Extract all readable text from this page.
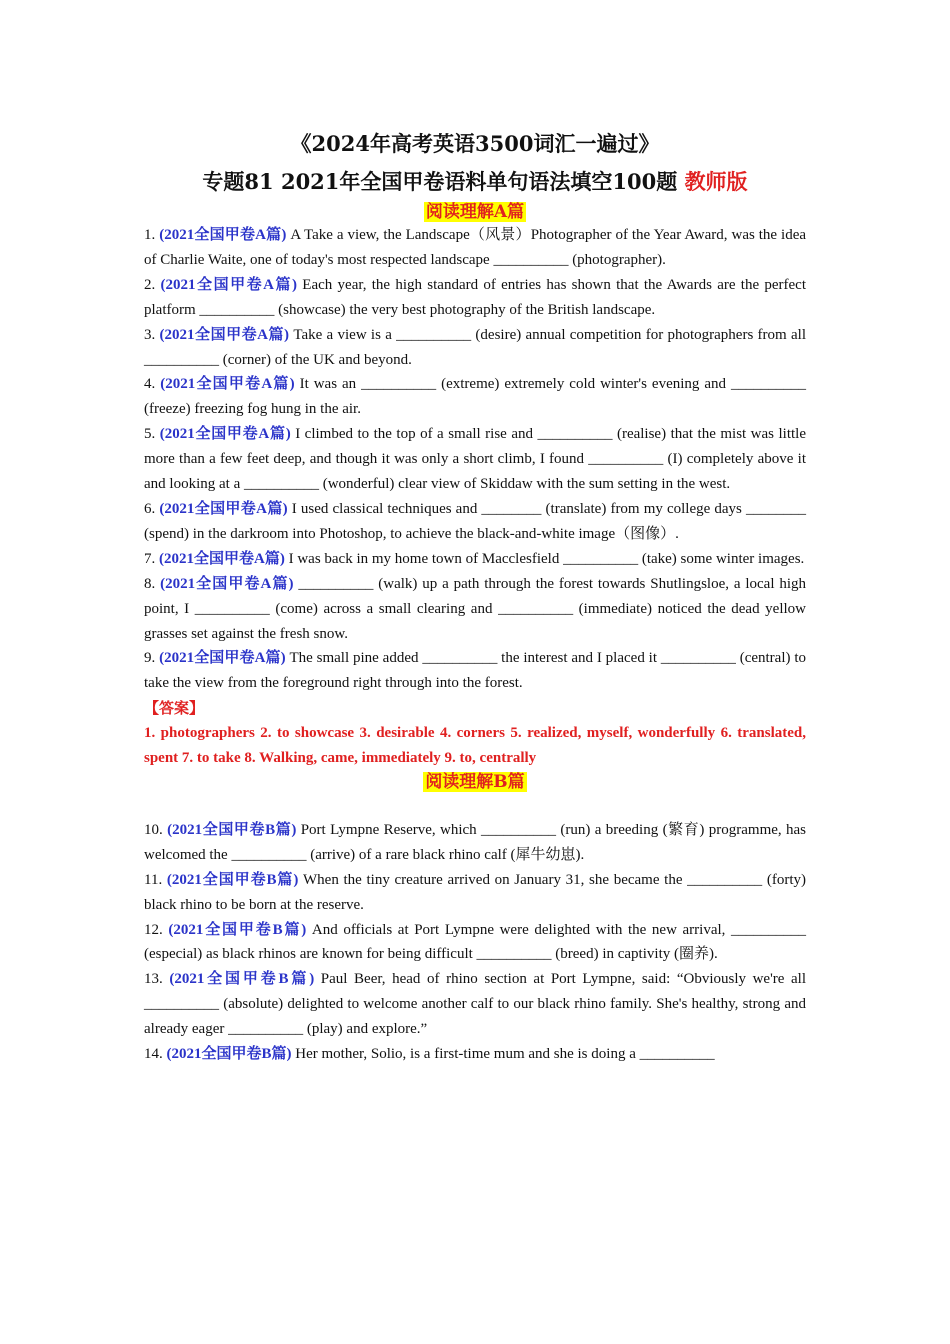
《2024年高考英语3500词汇一遍过》

专题81 2021年全国甲卷语料单句语法填空100题 教师版

阅读理解A篇

1. (2021全国甲卷A篇) A Take a view, the Landscape（风景）Photographer of the Year Award, was the idea of Charlie Waite, one of today's most respected landscape __________ (photographer).

2. (2021全国甲卷A篇) Each year, the high standard of entries has shown that the Awards are the perfect platform __________ (showcase) the very best photography of the British landscape.

3. (2021全国甲卷A篇) Take a view is a __________ (desire) annual competition for photographers from all __________ (corner) of the UK and beyond.

4. (2021全国甲卷A篇) It was an __________ (extreme) extremely cold winter's evening and __________ (freeze) freezing fog hung in the air.

5. (2021全国甲卷A篇) I climbed to the top of a small rise and __________ (realise) that the mist was little more than a few feet deep, and though it was only a short climb, I found __________ (I) completely above it and looking at a __________ (wonderful) clear view of Skiddaw with the sum setting in the west.

6. (2021全国甲卷A篇) I used classical techniques and ________ (translate) from my college days ________ (spend) in the darkroom into Photoshop, to achieve the black-and-white image（图像）.

7. (2021全国甲卷A篇) I was back in my home town of Macclesfield __________ (take) some winter images.

8. (2021全国甲卷A篇) __________ (walk) up a path through the forest towards Shutlingsloe, a local high point, I __________ (come) across a small clearing and __________ (immediate) noticed the dead yellow grasses set against the fresh snow.

9. (2021全国甲卷A篇) The small pine added __________ the interest and I placed it __________ (central) to take the view from the foreground right through into the forest.

【答案】

1. photographers 2. to showcase 3. desirable 4. corners 5. realized, myself, wonderfully 6. translated, spent 7. to take 8. Walking, came, immediately 9. to, centrally

阅读理解B篇

10. (2021全国甲卷B篇) Port Lympne Reserve, which __________ (run) a breeding (繁育) programme, has welcomed the __________ (arrive) of a rare black rhino calf (犀牛幼崽).

11. (2021全国甲卷B篇) When the tiny creature arrived on January 31, she became the __________ (forty) black rhino to be born at the reserve.

12. (2021全国甲卷B篇) And officials at Port Lympne were delighted with the new arrival, __________ (especial) as black rhinos are known for being difficult __________ (breed) in captivity (圈养).

13. (2021全国甲卷B篇) Paul Beer, head of rhino section at Port Lympne, said: “Obviously we're all __________ (absolute) delighted to welcome another calf to our black rhino family. She's healthy, strong and already eager __________ (play) and explore.”

14. (2021全国甲卷B篇) Her mother, Solio, is a first-time mum and she is doing a __________
